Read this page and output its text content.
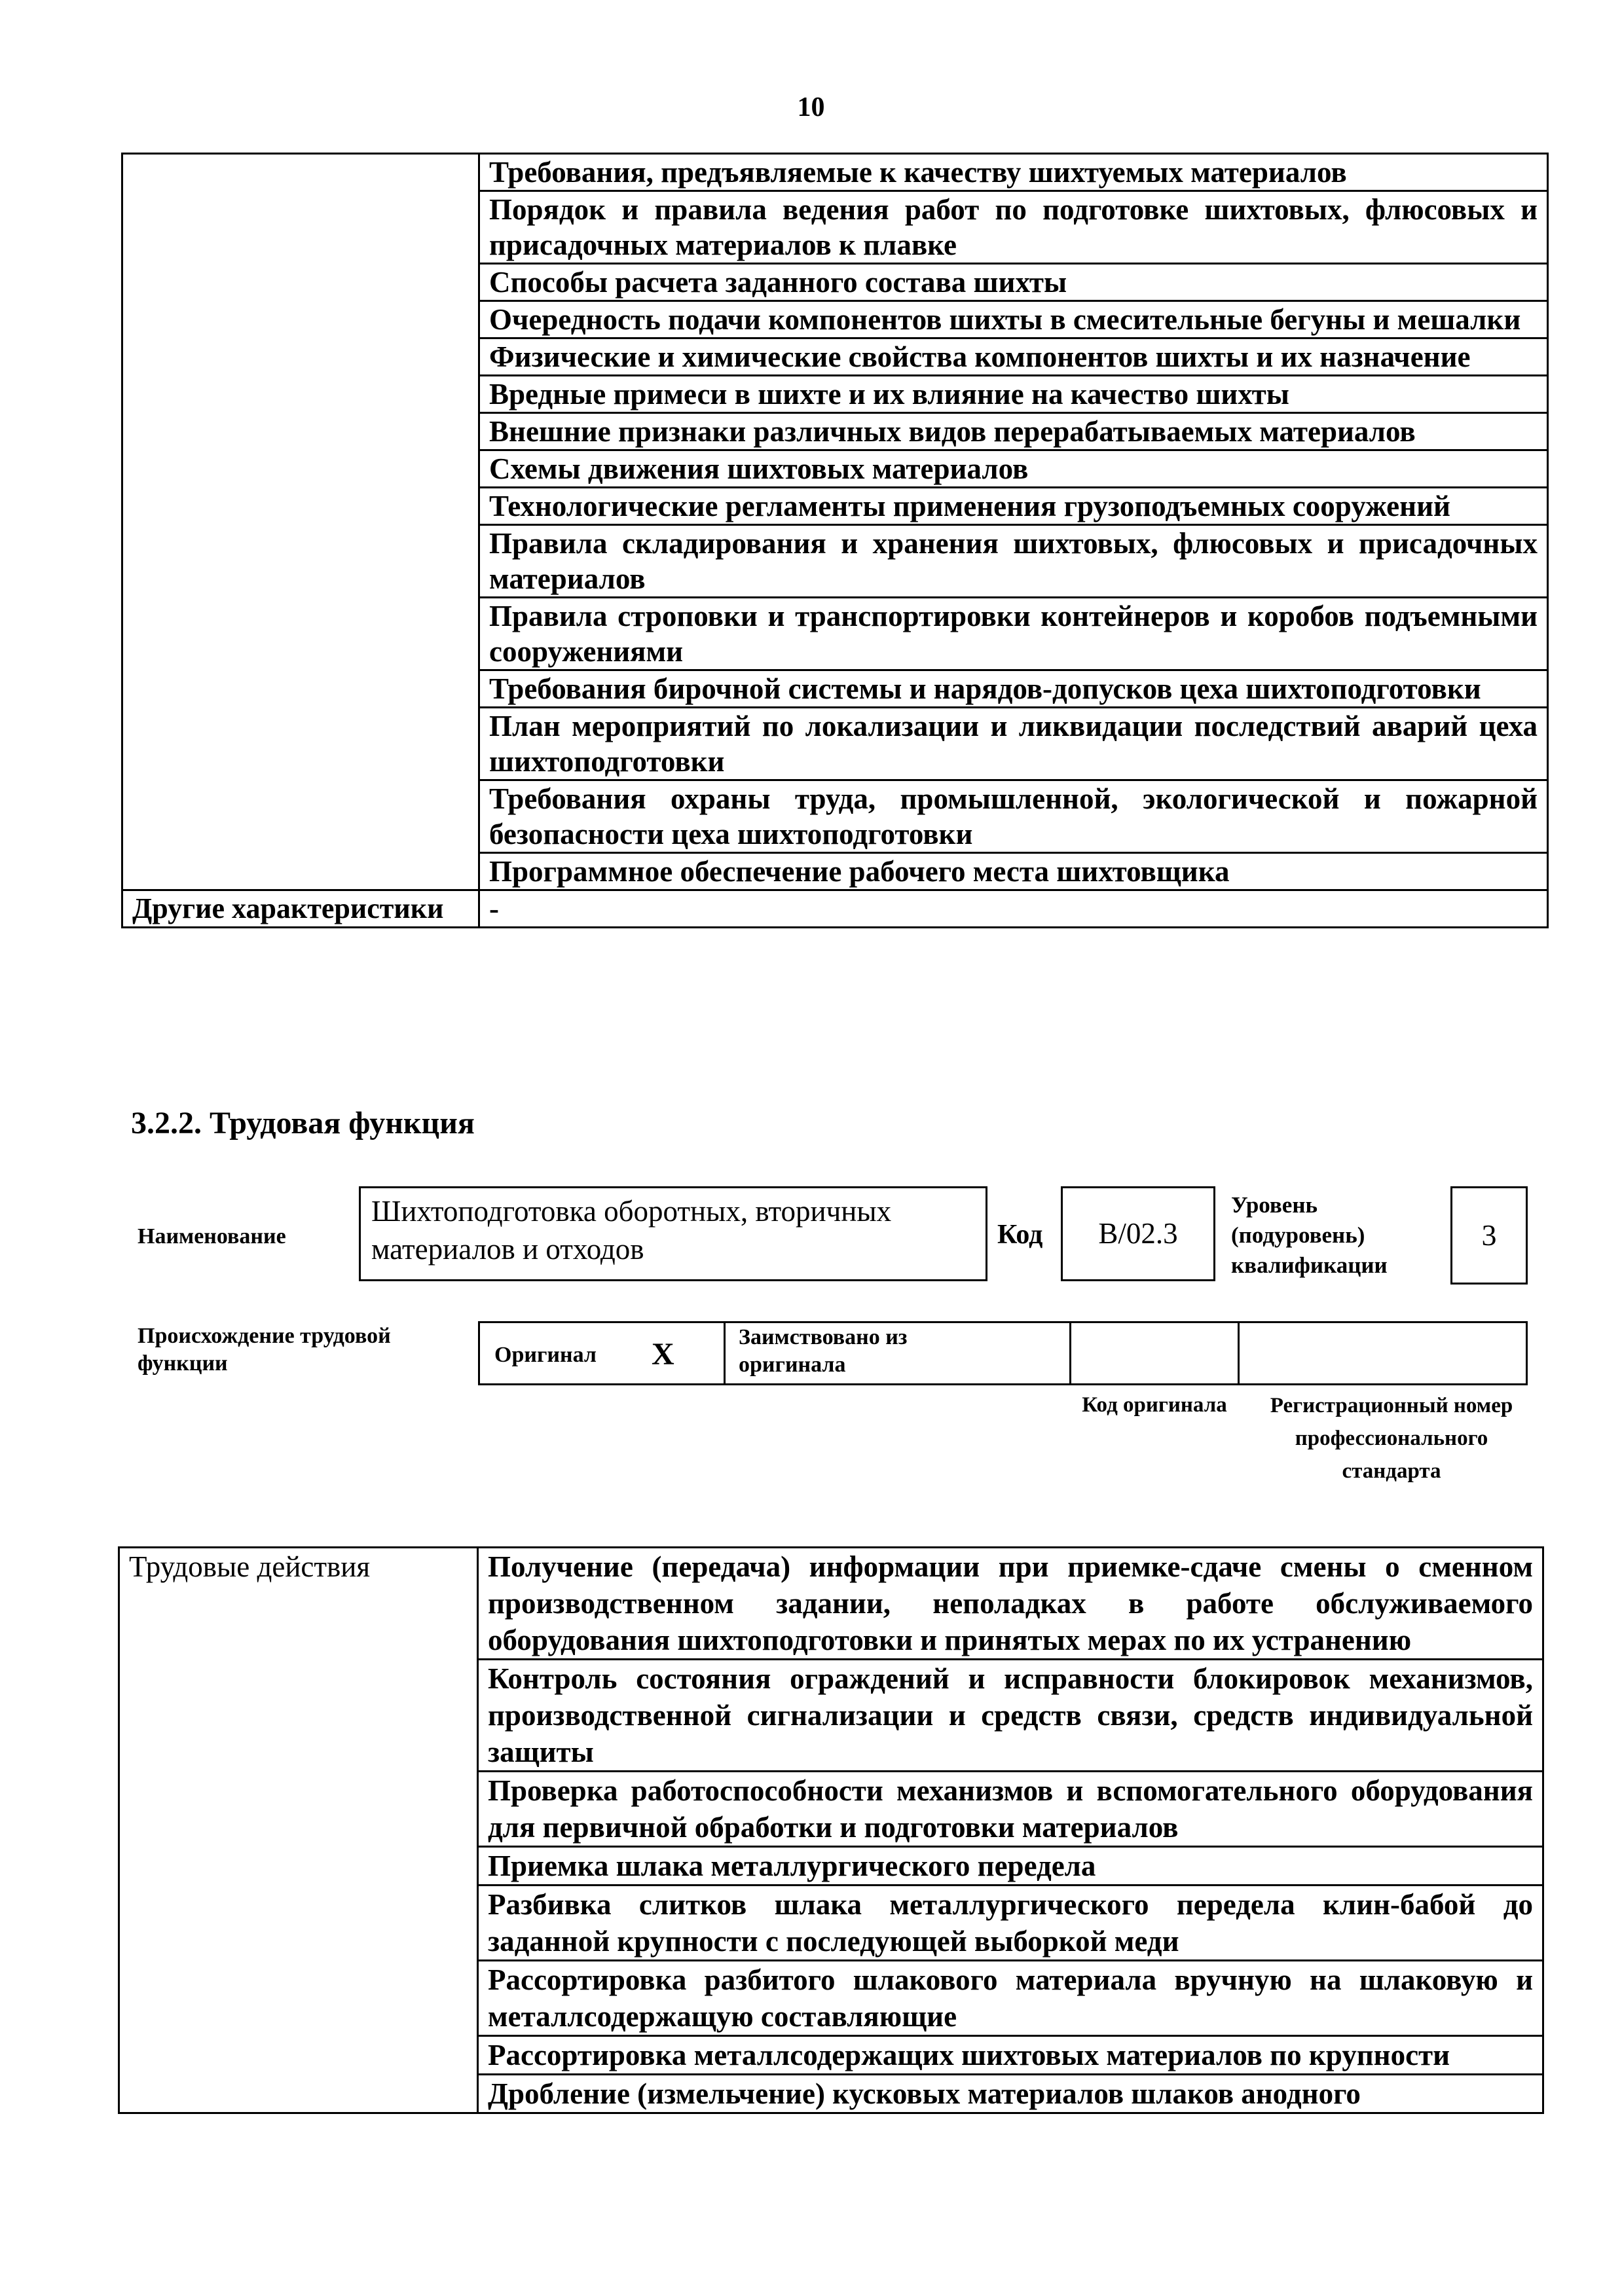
10
	Требования, предъявляемые к качеству шихтуемых материалов
	Порядок и правила ведения работ по подготовке шихтовых, флюсовых и присадочных материалов к плавке
	Способы расчета заданного состава шихты
	Очередность подачи компонентов шихты в смесительные бегуны и мешалки
	Физические и химические свойства компонентов шихты и их назначение
	Вредные примеси в шихте и их влияние на качество шихты
	Внешние признаки различных видов перерабатываемых материалов
	Схемы движения шихтовых материалов
	Технологические регламенты применения грузоподъемных сооружений
	Правила складирования и хранения шихтовых, флюсовых и присадочных материалов
	Правила строповки и транспортировки контейнеров и коробов подъемными сооружениями
	Требования бирочной системы и нарядов-допусков цеха шихтоподготовки
	План мероприятий по локализации и ликвидации последствий аварий цеха шихтоподготовки
	Требования охраны труда, промышленной, экологической и пожарной безопасности цеха шихтоподготовки
	Программное обеспечение рабочего места шихтовщика
Другие характеристики	-
3.2.2. Трудовая функция
Наименование
Шихтоподготовка оборотных, вторичных материалов и отходов	Код	B/02.3
Уровень (подуровень) квалификации
3
Происхождение трудовой функции	Оригинал X	Заимствовано из оригинала
Код оригинала	Регистрационный номер профессионального стандарта
Трудовые действия	Получение (передача) информации при приемке-сдаче смены о сменном производственном задании, неполадках в работе обслуживаемого оборудования шихтоподготовки и принятых мерах по их устранению
Контроль состояния ограждений и исправности блокировок механизмов, производственной сигнализации и средств связи, средств индивидуальной защиты
Проверка работоспособности механизмов и вспомогательного оборудования для первичной обработки и подготовки материалов
Приемка шлака металлургического передела
Разбивка слитков шлака металлургического передела клин-бабой до заданной крупности с последующей выборкой меди
Рассортировка разбитого шлакового материала вручную на шлаковую и металлсодержащую составляющие
Рассортировка металлсодержащих шихтовых материалов по крупности
Дробление (измельчение) кусковых материалов шлаков анодного
